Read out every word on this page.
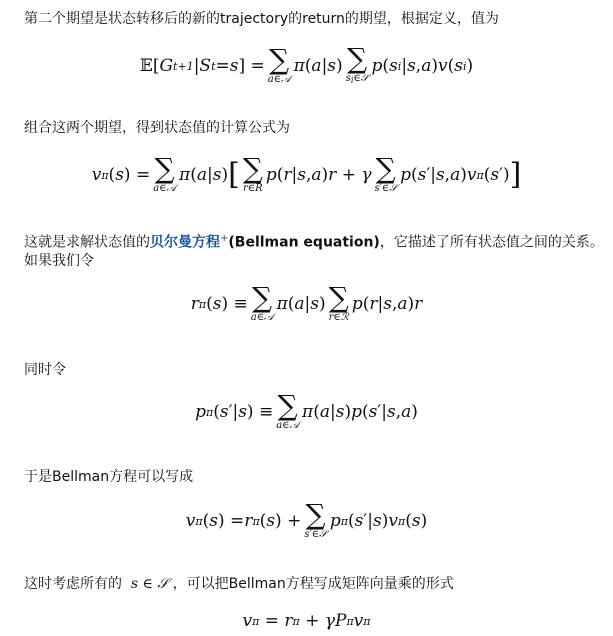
第二个期望是状态转移后的新的trajectory的return的期望，根据定义，值为
𝔼 [ G t+1 | S t = s ] = ∑
a∈𝒜
π ( a | s ) ∑
$s_i\in 𝒮$
p ( s i | s , a ) v ( s i )
组合这两个期望，得到状态值的计算公式为
v π ( s ) = ∑
a∈𝒜
π ( a | s ) [ ∑
r∈R
p ( r | s , a ) r + γ ∑
s′∈𝒮
p ( s ′| s , a ) v π ( s ′) ]
这就是求解状态值的贝尔曼方程+(Bellman equation)，它描述了所有状态值之间的关系。
如果我们令
r π ( s ) ≡ ∑
a∈𝒜
π ( a | s ) ∑
r∈ℛ
p ( r | s , a ) r
同时令
p π ( s ′| s ) ≡ ∑
a∈𝒜
π ( a | s ) p ( s ′| s , a )
于是Bellman方程可以写成
v π ( s ) = r π ( s ) + ∑
s′∈𝒮
p π ( s ′| s ) v π ( s )
这时考虑所有的  s ∈ 𝒮 ，可以把Bellman方程写成矩阵向量乘的形式
v π = r π + γP π v π
